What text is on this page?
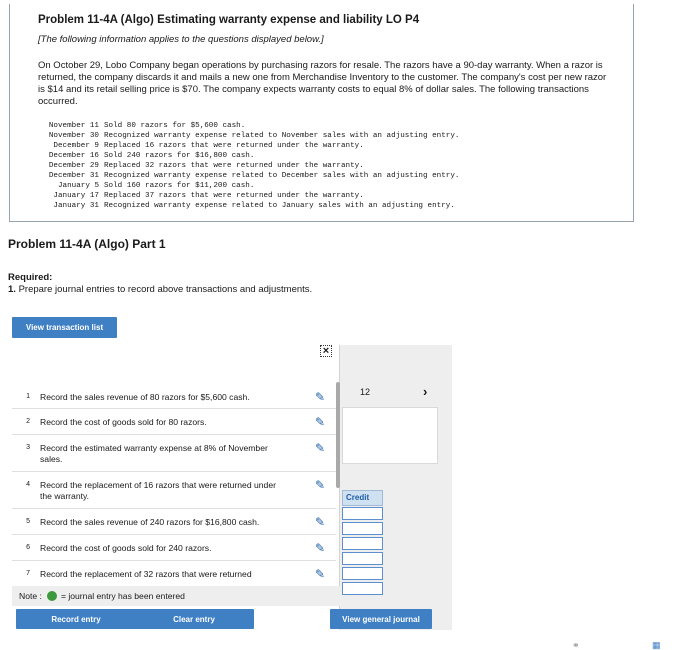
Problem 11-4A (Algo) Estimating warranty expense and liability LO P4
[The following information applies to the questions displayed below.]
On October 29, Lobo Company began operations by purchasing razors for resale. The razors have a 90-day warranty. When a razor is returned, the company discards it and mails a new one from Merchandise Inventory to the customer. The company's cost per new razor is $14 and its retail selling price is $70. The company expects warranty costs to equal 8% of dollar sales. The following transactions occurred.
November 11 Sold 80 razors for $5,600 cash.
November 30 Recognized warranty expense related to November sales with an adjusting entry.
December 9 Replaced 16 razors that were returned under the warranty.
December 16 Sold 240 razors for $16,800 cash.
December 29 Replaced 32 razors that were returned under the warranty.
December 31 Recognized warranty expense related to December sales with an adjusting entry.
January 5 Sold 160 razors for $11,200 cash.
January 17 Replaced 37 razors that were returned under the warranty.
January 31 Recognized warranty expense related to January sales with an adjusting entry.
Problem 11-4A (Algo) Part 1
Required:
1. Prepare journal entries to record above transactions and adjustments.
View transaction list
×
1	Record the sales revenue of 80 razors for $5,600 cash.	✎
2	Record the cost of goods sold for 80 razors.	✎
3	Record the estimated warranty expense at 8% of November sales.
✎
4	Record the replacement of 16 razors that were returned under the warranty.
✎
5	Record the sales revenue of 240 razors for $16,800 cash.	✎
6	Record the cost of goods sold for 240 razors.	✎
7	Record the replacement of 32 razors that were returned	✎
Note : = journal entry has been entered
Record entry	Clear entry	View general journal
12	›
Credit
⚭	▦
